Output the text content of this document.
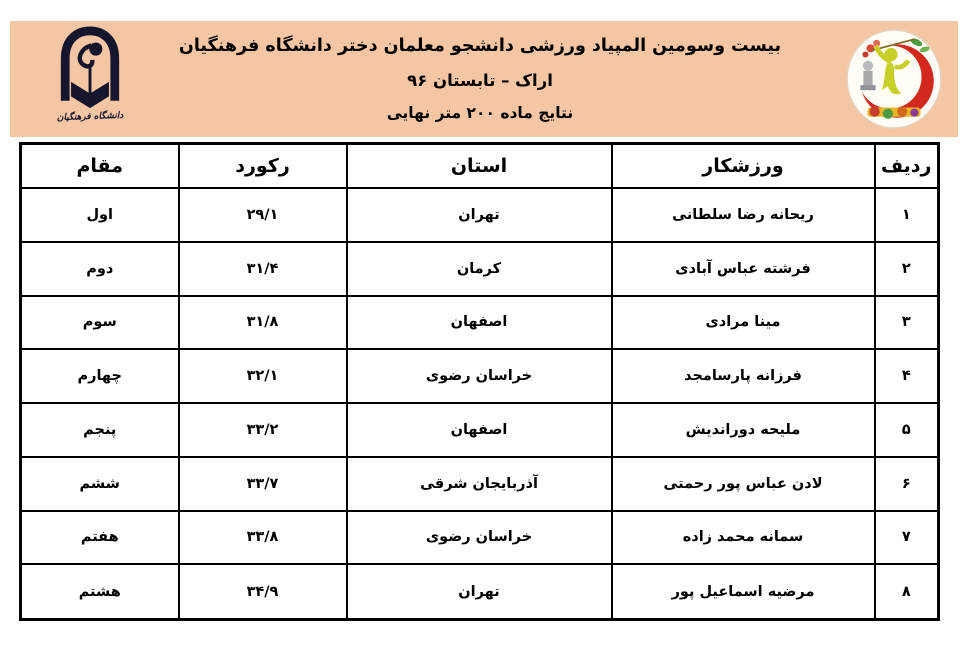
دانشگاه فرهنگیان
بیست وسومین المپیاد ورزشی دانشجو معلمان دختر دانشگاه فرهنگیان
اراک – تابستان ۹۶
نتایج ماده ۲۰۰ متر نهایی
ردیف	ورزشکار	استان	رکورد	مقام
۱	ریحانه رضا سلطانی	تهران	۲۹/۱	اول
۲	فرشته عباس آبادی	کرمان	۳۱/۴	دوم
۳	مینا مرادی	اصفهان	۳۱/۸	سوم
۴	فرزانه پارسامجد	خراسان رضوی	۳۲/۱	چهارم
۵	ملیحه دوراندیش	اصفهان	۳۳/۲	پنجم
۶	لادن عباس پور رحمتی	آذربایجان شرقی	۳۳/۷	ششم
۷	سمانه محمد زاده	خراسان رضوی	۳۳/۸	هفتم
۸	مرضیه اسماعیل پور	تهران	۳۴/۹	هشتم
